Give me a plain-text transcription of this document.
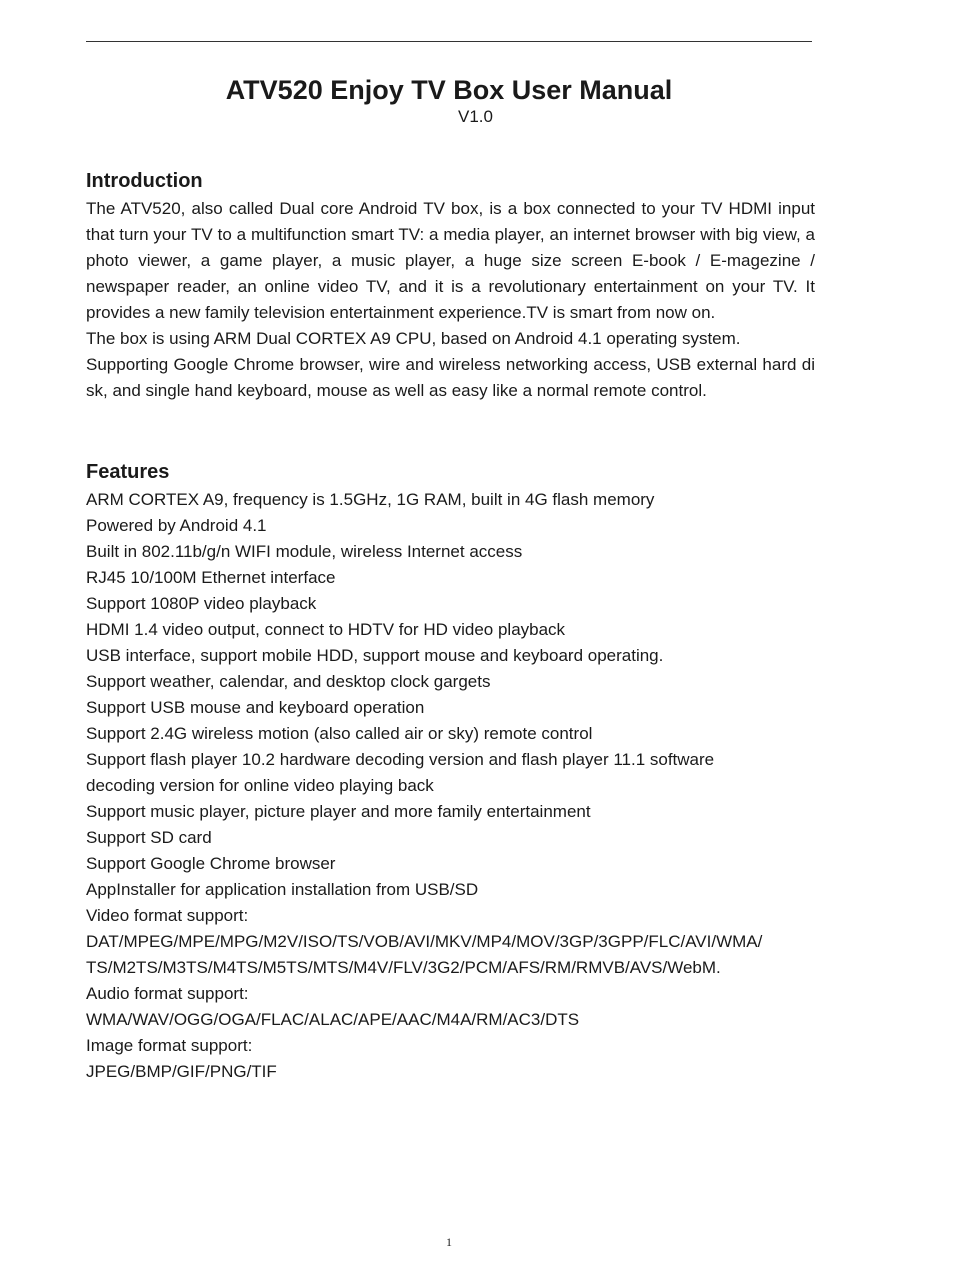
ATV520 Enjoy TV Box User Manual
V1.0
Introduction

The ATV520, also called Dual core Android TV box, is a box connected to your TV HDMI input that turn your TV to a multifunction smart TV: a media player, an internet browser with big view, a photo viewer, a game player, a music player, a huge size screen E-book / E-magezine / newspaper reader, an online video TV, and it is a revolutionary entertainment on your TV. It provides a new family television entertainment experience.TV is smart from now on.

The box is using ARM Dual CORTEX A9 CPU, based on Android 4.1 operating system.

Supporting Google Chrome browser, wire and wireless networking access, USB external hard disk, and single hand keyboard, mouse as well as easy like a normal remote control.

Features
ARM CORTEX A9, frequency is 1.5GHz, 1G RAM, built in 4G flash memory
Powered by Android 4.1
Built in 802.11b/g/n WIFI module, wireless Internet access
RJ45 10/100M Ethernet interface
Support 1080P video playback
HDMI 1.4 video output, connect to HDTV for HD video playback
USB interface, support mobile HDD, support mouse and keyboard operating.
Support weather, calendar, and desktop clock gargets
Support USB mouse and keyboard operation
Support 2.4G wireless motion (also called air or sky) remote control
Support flash player 10.2 hardware decoding version and flash player 11.1 software decoding version for online video playing back
Support music player, picture player and more family entertainment
Support SD card
Support Google Chrome browser
AppInstaller for application installation from USB/SD
Video format support:
DAT/MPEG/MPE/MPG/M2V/ISO/TS/VOB/AVI/MKV/MP4/MOV/3GP/3GPP/FLC/AVI/WMA/
TS/M2TS/M3TS/M4TS/M5TS/MTS/M4V/FLV/3G2/PCM/AFS/RM/RMVB/AVS/WebM.
Audio format support:
WMA/WAV/OGG/OGA/FLAC/ALAC/APE/AAC/M4A/RM/AC3/DTS
Image format support:
JPEG/BMP/GIF/PNG/TIF
1
